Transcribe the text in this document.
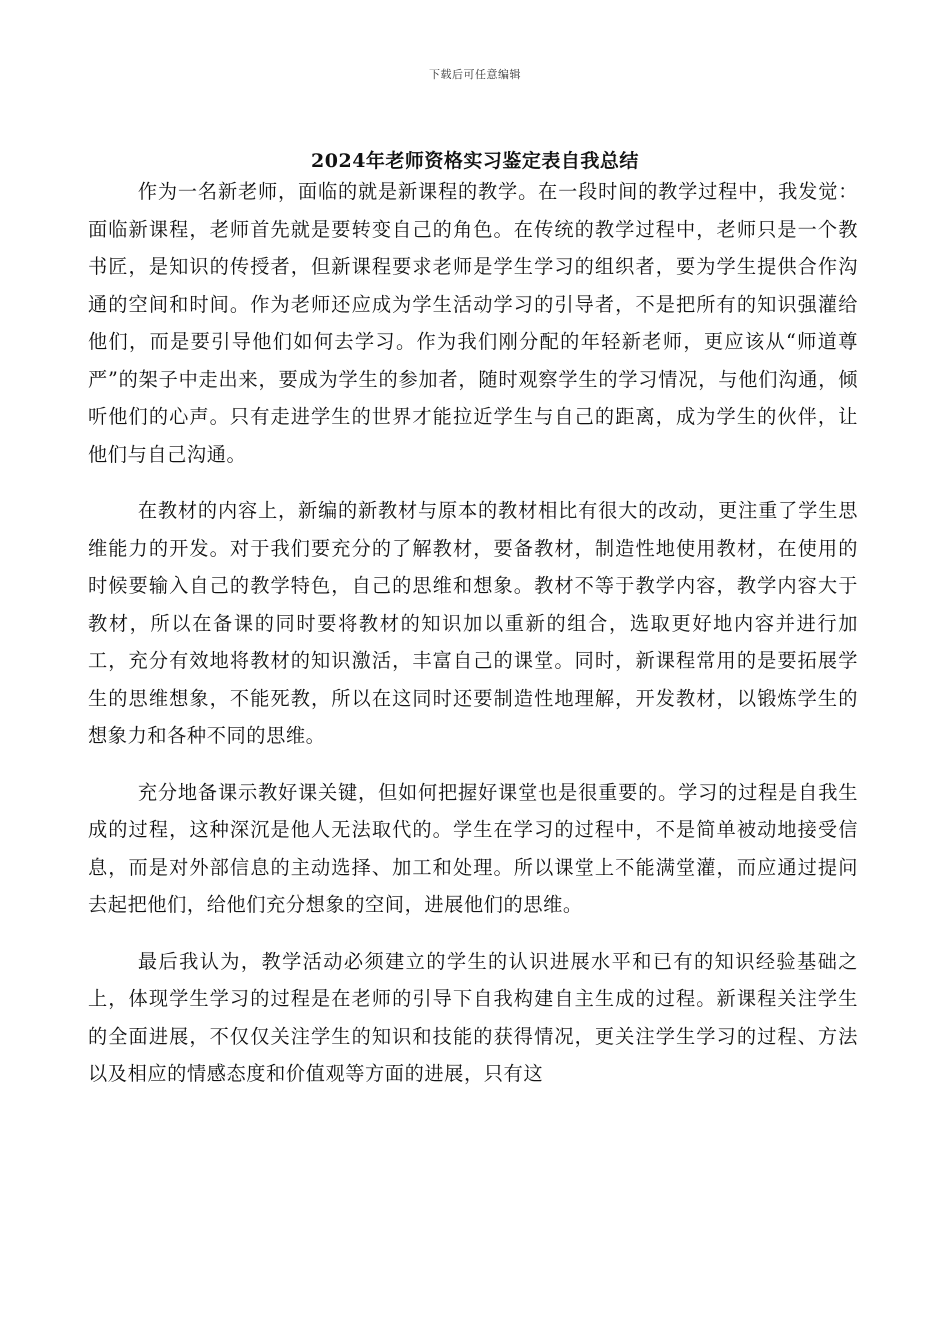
下载后可任意编辑
2024年老师资格实习鉴定表自我总结

作为一名新老师，面临的就是新课程的教学。在一段时间的教学过程中，我发觉：面临新课程，老师首先就是要转变自己的角色。在传统的教学过程中，老师只是一个教书匠，是知识的传授者，但新课程要求老师是学生学习的组织者，要为学生提供合作沟通的空间和时间。作为老师还应成为学生活动学习的引导者，不是把所有的知识强灌给他们，而是要引导他们如何去学习。作为我们刚分配的年轻新老师，更应该从“师道尊严”的架子中走出来，要成为学生的参加者，随时观察学生的学习情况，与他们沟通，倾听他们的心声。只有走进学生的世界才能拉近学生与自己的距离，成为学生的伙伴，让他们与自己沟通。

在教材的内容上，新编的新教材与原本的教材相比有很大的改动，更注重了学生思维能力的开发。对于我们要充分的了解教材，要备教材，制造性地使用教材，在使用的时候要输入自己的教学特色，自己的思维和想象。教材不等于教学内容，教学内容大于教材，所以在备课的同时要将教材的知识加以重新的组合，选取更好地内容并进行加工，充分有效地将教材的知识激活，丰富自己的课堂。同时，新课程常用的是要拓展学生的思维想象，不能死教，所以在这同时还要制造性地理解，开发教材，以锻炼学生的想象力和各种不同的思维。

充分地备课示教好课关键，但如何把握好课堂也是很重要的。学习的过程是自我生成的过程，这种深沉是他人无法取代的。学生在学习的过程中，不是简单被动地接受信息，而是对外部信息的主动选择、加工和处理。所以课堂上不能满堂灌，而应通过提问去起把他们，给他们充分想象的空间，进展他们的思维。

最后我认为，教学活动必须建立的学生的认识进展水平和已有的知识经验基础之上，体现学生学习的过程是在老师的引导下自我构建自主生成的过程。新课程关注学生的全面进展，不仅仅关注学生的知识和技能的获得情况，更关注学生学习的过程、方法以及相应的情感态度和价值观等方面的进展，只有这
